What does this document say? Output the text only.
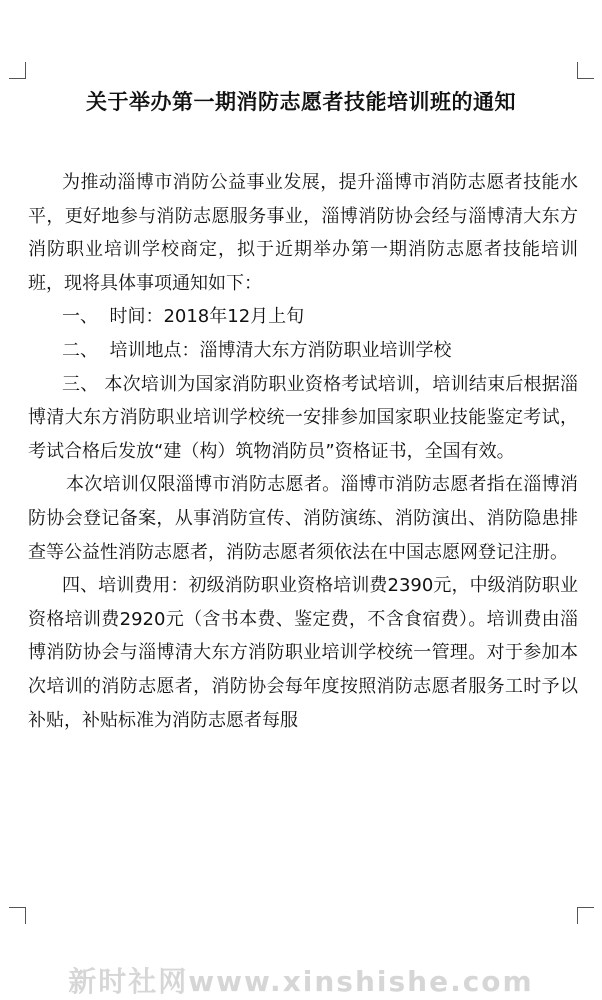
关于举办第一期消防志愿者技能培训班的通知

为推动淄博市消防公益事业发展，提升淄博市消防志愿者技能水平，更好地参与消防志愿服务事业，淄博消防协会经与淄博清大东方消防职业培训学校商定，拟于近期举办第一期消防志愿者技能培训班，现将具体事项通知如下：

一、  时间：2018年12月上旬

二、  培训地点：淄博清大东方消防职业培训学校

三、 本次培训为国家消防职业资格考试培训，培训结束后根据淄博清大东方消防职业培训学校统一安排参加国家职业技能鉴定考试，考试合格后发放“建（构）筑物消防员”资格证书，全国有效。

本次培训仅限淄博市消防志愿者。淄博市消防志愿者指在淄博消防协会登记备案，从事消防宣传、消防演练、消防演出、消防隐患排查等公益性消防志愿者，消防志愿者须依法在中国志愿网登记注册。

四、培训费用：初级消防职业资格培训费2390元，中级消防职业资格培训费2920元（含书本费、鉴定费，不含食宿费）。培训费由淄博消防协会与淄博清大东方消防职业培训学校统一管理。对于参加本次培训的消防志愿者，消防协会每年度按照消防志愿者服务工时予以补贴，补贴标准为消防志愿者每服

新时社网www.xinshishe.com
